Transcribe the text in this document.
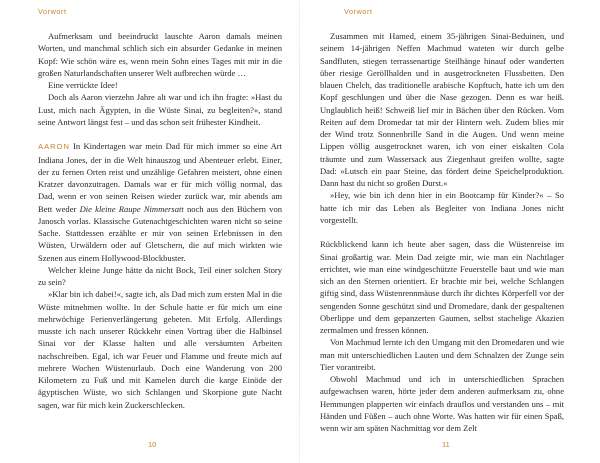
Vorwort

Aufmerksam und beeindruckt lauschte Aaron damals meinen Worten, und manchmal schlich sich ein absurder Gedanke in meinen Kopf: Wie schön wäre es, wenn mein Sohn eines Tages mit mir in die großen Naturlandschaften unserer Welt aufbrechen würde …

Eine verrückte Idee!

Doch als Aaron vierzehn Jahre alt war und ich ihn fragte: »Hast du Lust, mich nach Ägypten, in die Wüste Sinai, zu begleiten?«, stand seine Antwort längst fest – und das schon seit frühester Kindheit.

AARON In Kindertagen war mein Dad für mich immer so eine Art Indiana Jones, der in die Welt hinauszog und Abenteuer erlebt. Einer, der zu fernen Orten reist und unzählige Gefahren meistert, ohne einen Kratzer davonzutragen. Damals war er für mich völlig normal, das Dad, wenn er von seinen Reisen wieder zurück war, mir abends am Bett weder Die kleine Raupe Nimmersatt noch aus den Büchern von Janosch vorlas. Klassische Gutenachtgeschichten waren nicht so seine Sache. Stattdessen erzählte er mir von seinen Erlebnissen in den Wüsten, Urwäldern oder auf Gletschern, die auf mich wirkten wie Szenen aus einem Hollywood-Blockbuster.

Welcher kleine Junge hätte da nicht Bock, Teil einer solchen Story zu sein?

»Klar bin ich dabei!«, sagte ich, als Dad mich zum ersten Mal in die Wüste mitnehmen wollte. In der Schule hatte er für mich um eine mehrwöchige Ferienverlängerung gebeten. Mit Erfolg. Allerdings musste ich nach unserer Rückkehr einen Vortrag über die Halbinsel Sinai vor der Klasse halten und alle versäumten Arbeiten nachschreiben. Egal, ich war Feuer und Flamme und freute mich auf mehrere Wochen Wüstenurlaub. Doch eine Wanderung von 200 Kilometern zu Fuß und mit Kamelen durch die karge Einöde der ägyptischen Wüste, wo sich Schlangen und Skorpione gute Nacht sagen, war für mich kein Zuckerschlecken.

10
Vorwort

Zusammen mit Hamed, einem 35-jährigen Sinai-Beduinen, und seinem 14-jährigen Neffen Machmud wateten wir durch gelbe Sandfluten, stiegen terrassenartige Steilhänge hinauf oder wanderten über riesige Geröllhalden und in ausgetrockneten Flussbetten. Den blauen Chelch, das traditionelle arabische Kopftuch, hatte ich um den Kopf geschlungen und über die Nase gezogen. Denn es war heiß. Unglaublich heiß! Schweiß lief mir in Bächen über den Rücken. Vom Reiten auf dem Dromedar tat mir der Hintern weh. Zudem blies mir der Wind trotz Sonnenbrille Sand in die Augen. Und wenn meine Lippen völlig ausgetrocknet waren, ich von einer eiskalten Cola träumte und zum Wassersack aus Ziegenhaut greifen wollte, sagte Dad: »Lutsch ein paar Steine, das fördert deine Speichelproduktion. Dann hast du nicht so großen Durst.«

»Hey, wie bin ich denn hier in ein Bootcamp für Kinder?« – So hatte ich mir das Leben als Begleiter von Indiana Jones nicht vorgestellt.

Rückblickend kann ich heute aber sagen, dass die Wüstenreise im Sinai großartig war. Mein Dad zeigte mir, wie man ein Nachtlager errichtet, wie man eine windgeschützte Feuerstelle baut und wie man sich an den Sternen orientiert. Er brachte mir bei, welche Schlangen giftig sind, dass Wüstenrennmäuse durch ihr dichtes Körperfell vor der sengenden Sonne geschützt sind und Dromedare, dank der gespaltenen Oberlippe und dem gepanzerten Gaumen, selbst stachelige Akazien zermalmen und fressen können.

Von Machmud lernte ich den Umgang mit den Dromedaren und wie man mit unterschiedlichen Lauten und dem Schnalzen der Zunge sein Tier vorantreibt.

Obwohl Machmud und ich in unterschiedlichen Sprachen aufgewachsen waren, hörte jeder dem anderen aufmerksam zu, ohne Hemmungen plapperten wir einfach drauflos und verstanden uns – mit Händen und Füßen – auch ohne Worte. Was hatten wir für einen Spaß, wenn wir am späten Nachmittag vor dem Zelt

11
